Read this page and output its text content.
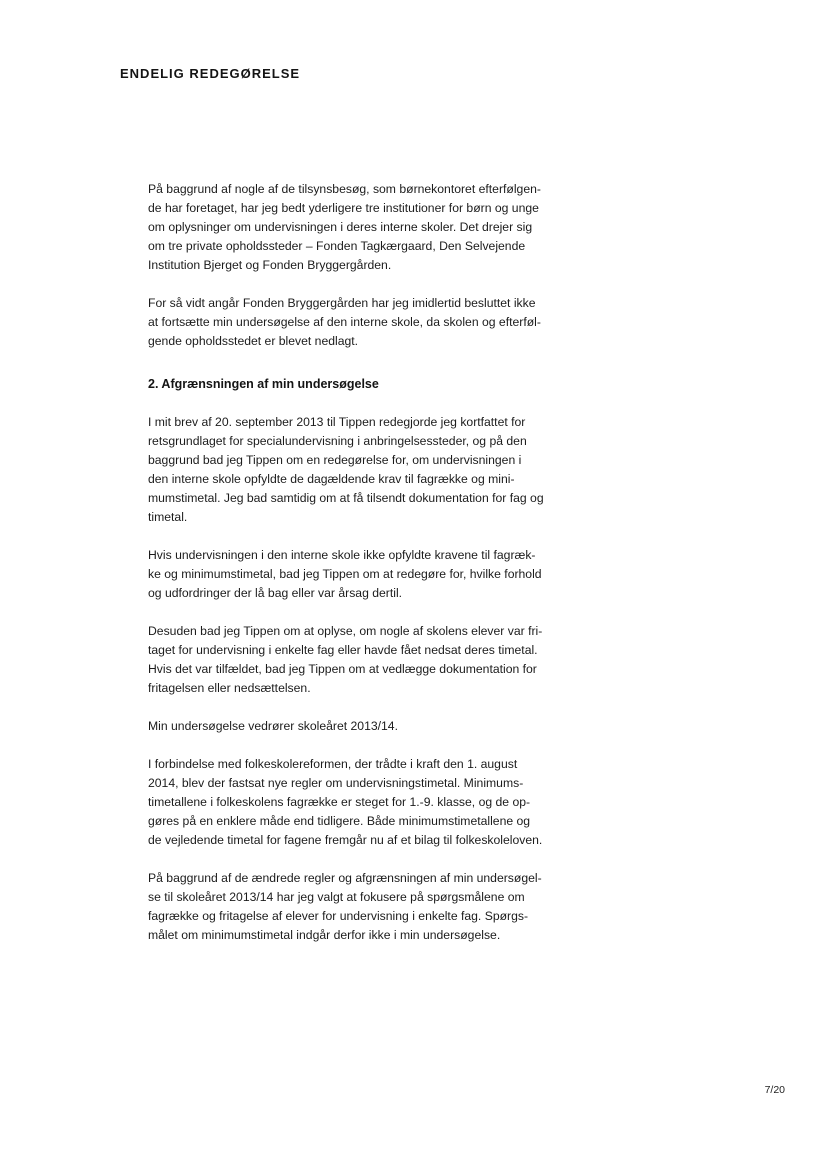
ENDELIG REDEGØRELSE

På baggrund af nogle af de tilsynsbesøg, som børnekontoret efterfølgen-
de har foretaget, har jeg bedt yderligere tre institutioner for børn og unge
om oplysninger om undervisningen i deres interne skoler. Det drejer sig
om tre private opholdssteder – Fonden Tagkærgaard, Den Selvejende
Institution Bjerget og Fonden Bryggergården.

For så vidt angår Fonden Bryggergården har jeg imidlertid besluttet ikke
at fortsætte min undersøgelse af den interne skole, da skolen og efterføl-
gende opholdsstedet er blevet nedlagt.

2. Afgrænsningen af min undersøgelse

I mit brev af 20. september 2013 til Tippen redegjorde jeg kortfattet for
retsgrundlaget for specialundervisning i anbringelsessteder, og på den
baggrund bad jeg Tippen om en redegørelse for, om undervisningen i
den interne skole opfyldte de dagældende krav til fagrække og mini-
mumstimetal. Jeg bad samtidig om at få tilsendt dokumentation for fag og
timetal.

Hvis undervisningen i den interne skole ikke opfyldte kravene til fagræk-
ke og minimumstimetal, bad jeg Tippen om at redegøre for, hvilke forhold
og udfordringer der lå bag eller var årsag dertil.

Desuden bad jeg Tippen om at oplyse, om nogle af skolens elever var fri-
taget for undervisning i enkelte fag eller havde fået nedsat deres timetal.
Hvis det var tilfældet, bad jeg Tippen om at vedlægge dokumentation for
fritagelsen eller nedsættelsen.

Min undersøgelse vedrører skoleåret 2013/14.

I forbindelse med folkeskolereformen, der trådte i kraft den 1. august
2014, blev der fastsat nye regler om undervisningstimetal. Minimums-
timetallene i folkeskolens fagrække er steget for 1.-9. klasse, og de op-
gøres på en enklere måde end tidligere. Både minimumstimetallene og
de vejledende timetal for fagene fremgår nu af et bilag til folkeskoleloven.

På baggrund af de ændrede regler og afgrænsningen af min undersøgel-
se til skoleåret 2013/14 har jeg valgt at fokusere på spørgsmålene om
fagrække og fritagelse af elever for undervisning i enkelte fag. Spørgs-
målet om minimumstimetal indgår derfor ikke i min undersøgelse.

7/20
